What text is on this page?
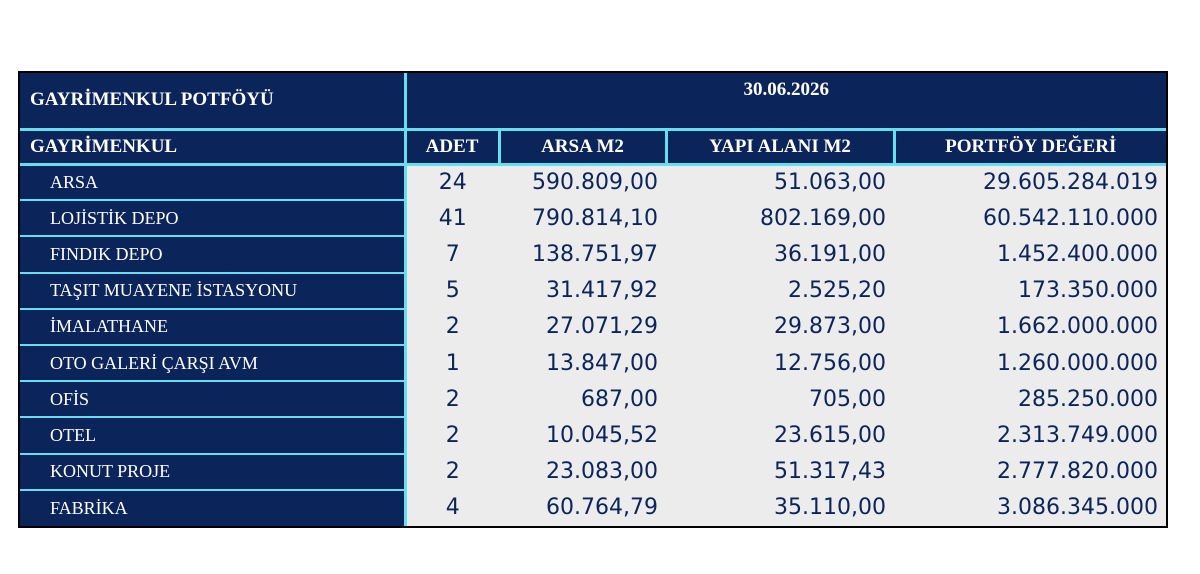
GAYRİMENKUL POTFÖYÜ	30.06.2026			
GAYRİMENKUL	ADET	ARSA M2	YAPI ALANI M2	PORTFÖY DEĞERİ
ARSA	24	590.809,00	51.063,00	29.605.284.019
LOJİSTİK DEPO	41	790.814,10	802.169,00	60.542.110.000
FINDIK DEPO	7	138.751,97	36.191,00	1.452.400.000
TAŞIT MUAYENE İSTASYONU	5	31.417,92	2.525,20	173.350.000
İMALATHANE	2	27.071,29	29.873,00	1.662.000.000
OTO GALERİ ÇARŞI AVM	1	13.847,00	12.756,00	1.260.000.000
OFİS	2	687,00	705,00	285.250.000
OTEL	2	10.045,52	23.615,00	2.313.749.000
KONUT PROJE	2	23.083,00	51.317,43	2.777.820.000
FABRİKA	4	60.764,79	35.110,00	3.086.345.000
